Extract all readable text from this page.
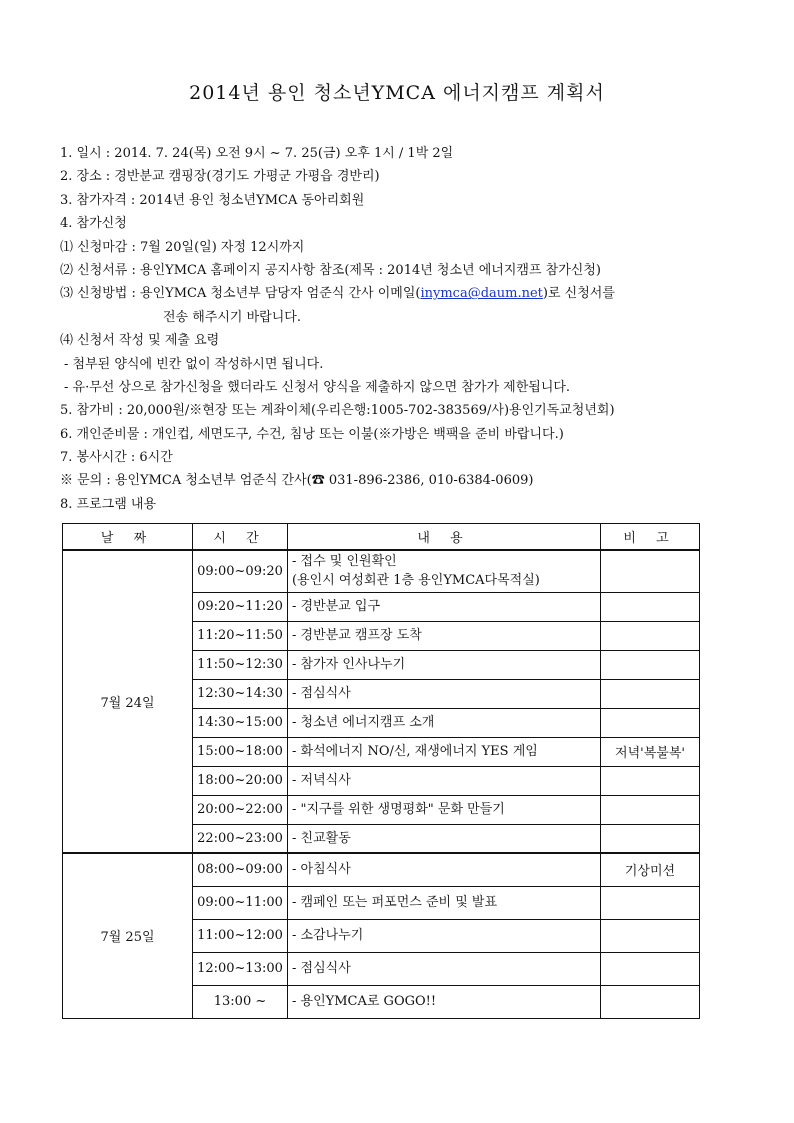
2014년 용인 청소년YMCA 에너지캠프 계획서
1. 일시 : 2014. 7. 24(목) 오전 9시 ~ 7. 25(금) 오후 1시 / 1박 2일
2. 장소 : 경반분교 캠핑장(경기도 가평군 가평읍 경반리)
3. 참가자격 : 2014년 용인 청소년YMCA 동아리회원
4. 참가신청
⑴ 신청마감 : 7월 20일(일) 자정 12시까지
⑵ 신청서류 : 용인YMCA 홈페이지 공지사항 참조(제목 : 2014년 청소년 에너지캠프 참가신청)
⑶ 신청방법 : 용인YMCA 청소년부 담당자 엄준식 간사 이메일(inymca@daum.net)로 신청서를
전송 해주시기 바랍니다.
⑷ 신청서 작성 및 제출 요령
- 첨부된 양식에 빈칸 없이 작성하시면 됩니다.
- 유·무선 상으로 참가신청을 했더라도 신청서 양식을 제출하지 않으면 참가가 제한됩니다.
5. 참가비 : 20,000원/※현장 또는 계좌이체(우리은행:1005-702-383569/사)용인기독교청년회)
6. 개인준비물 : 개인컵, 세면도구, 수건, 침낭 또는 이불(※가방은 백팩을 준비 바랍니다.)
7. 봉사시간 : 6시간
※ 문의 : 용인YMCA 청소년부 엄준식 간사(☎ 031-896-2386, 010-6384-0609)
8. 프로그램 내용
날 짜	시 간	내 용	비 고
7월 24일	09:00~09:20	- 접수 및 인원확인
(용인시 여성회관 1층 용인YMCA다목적실)	

	09:20~11:20	- 경반분교 입구	
	11:20~11:50	- 경반분교 캠프장 도착	
	11:50~12:30	- 참가자 인사나누기	
	12:30~14:30	- 점심식사	
	14:30~15:00	- 청소년 에너지캠프 소개	
	15:00~18:00	- 화석에너지 NO/신, 재생에너지 YES 게임	저녁'복불복'
	18:00~20:00	- 저녁식사	
	20:00~22:00	- "지구를 위한 생명평화" 문화 만들기	
	22:00~23:00	- 친교활동	
7월 25일	08:00~09:00	- 아침식사	기상미션
	09:00~11:00	- 캠페인 또는 퍼포먼스 준비 및 발표	
	11:00~12:00	- 소감나누기	
	12:00~13:00	- 점심식사	
	13:00 ~	- 용인YMCA로 GOGO!!	
